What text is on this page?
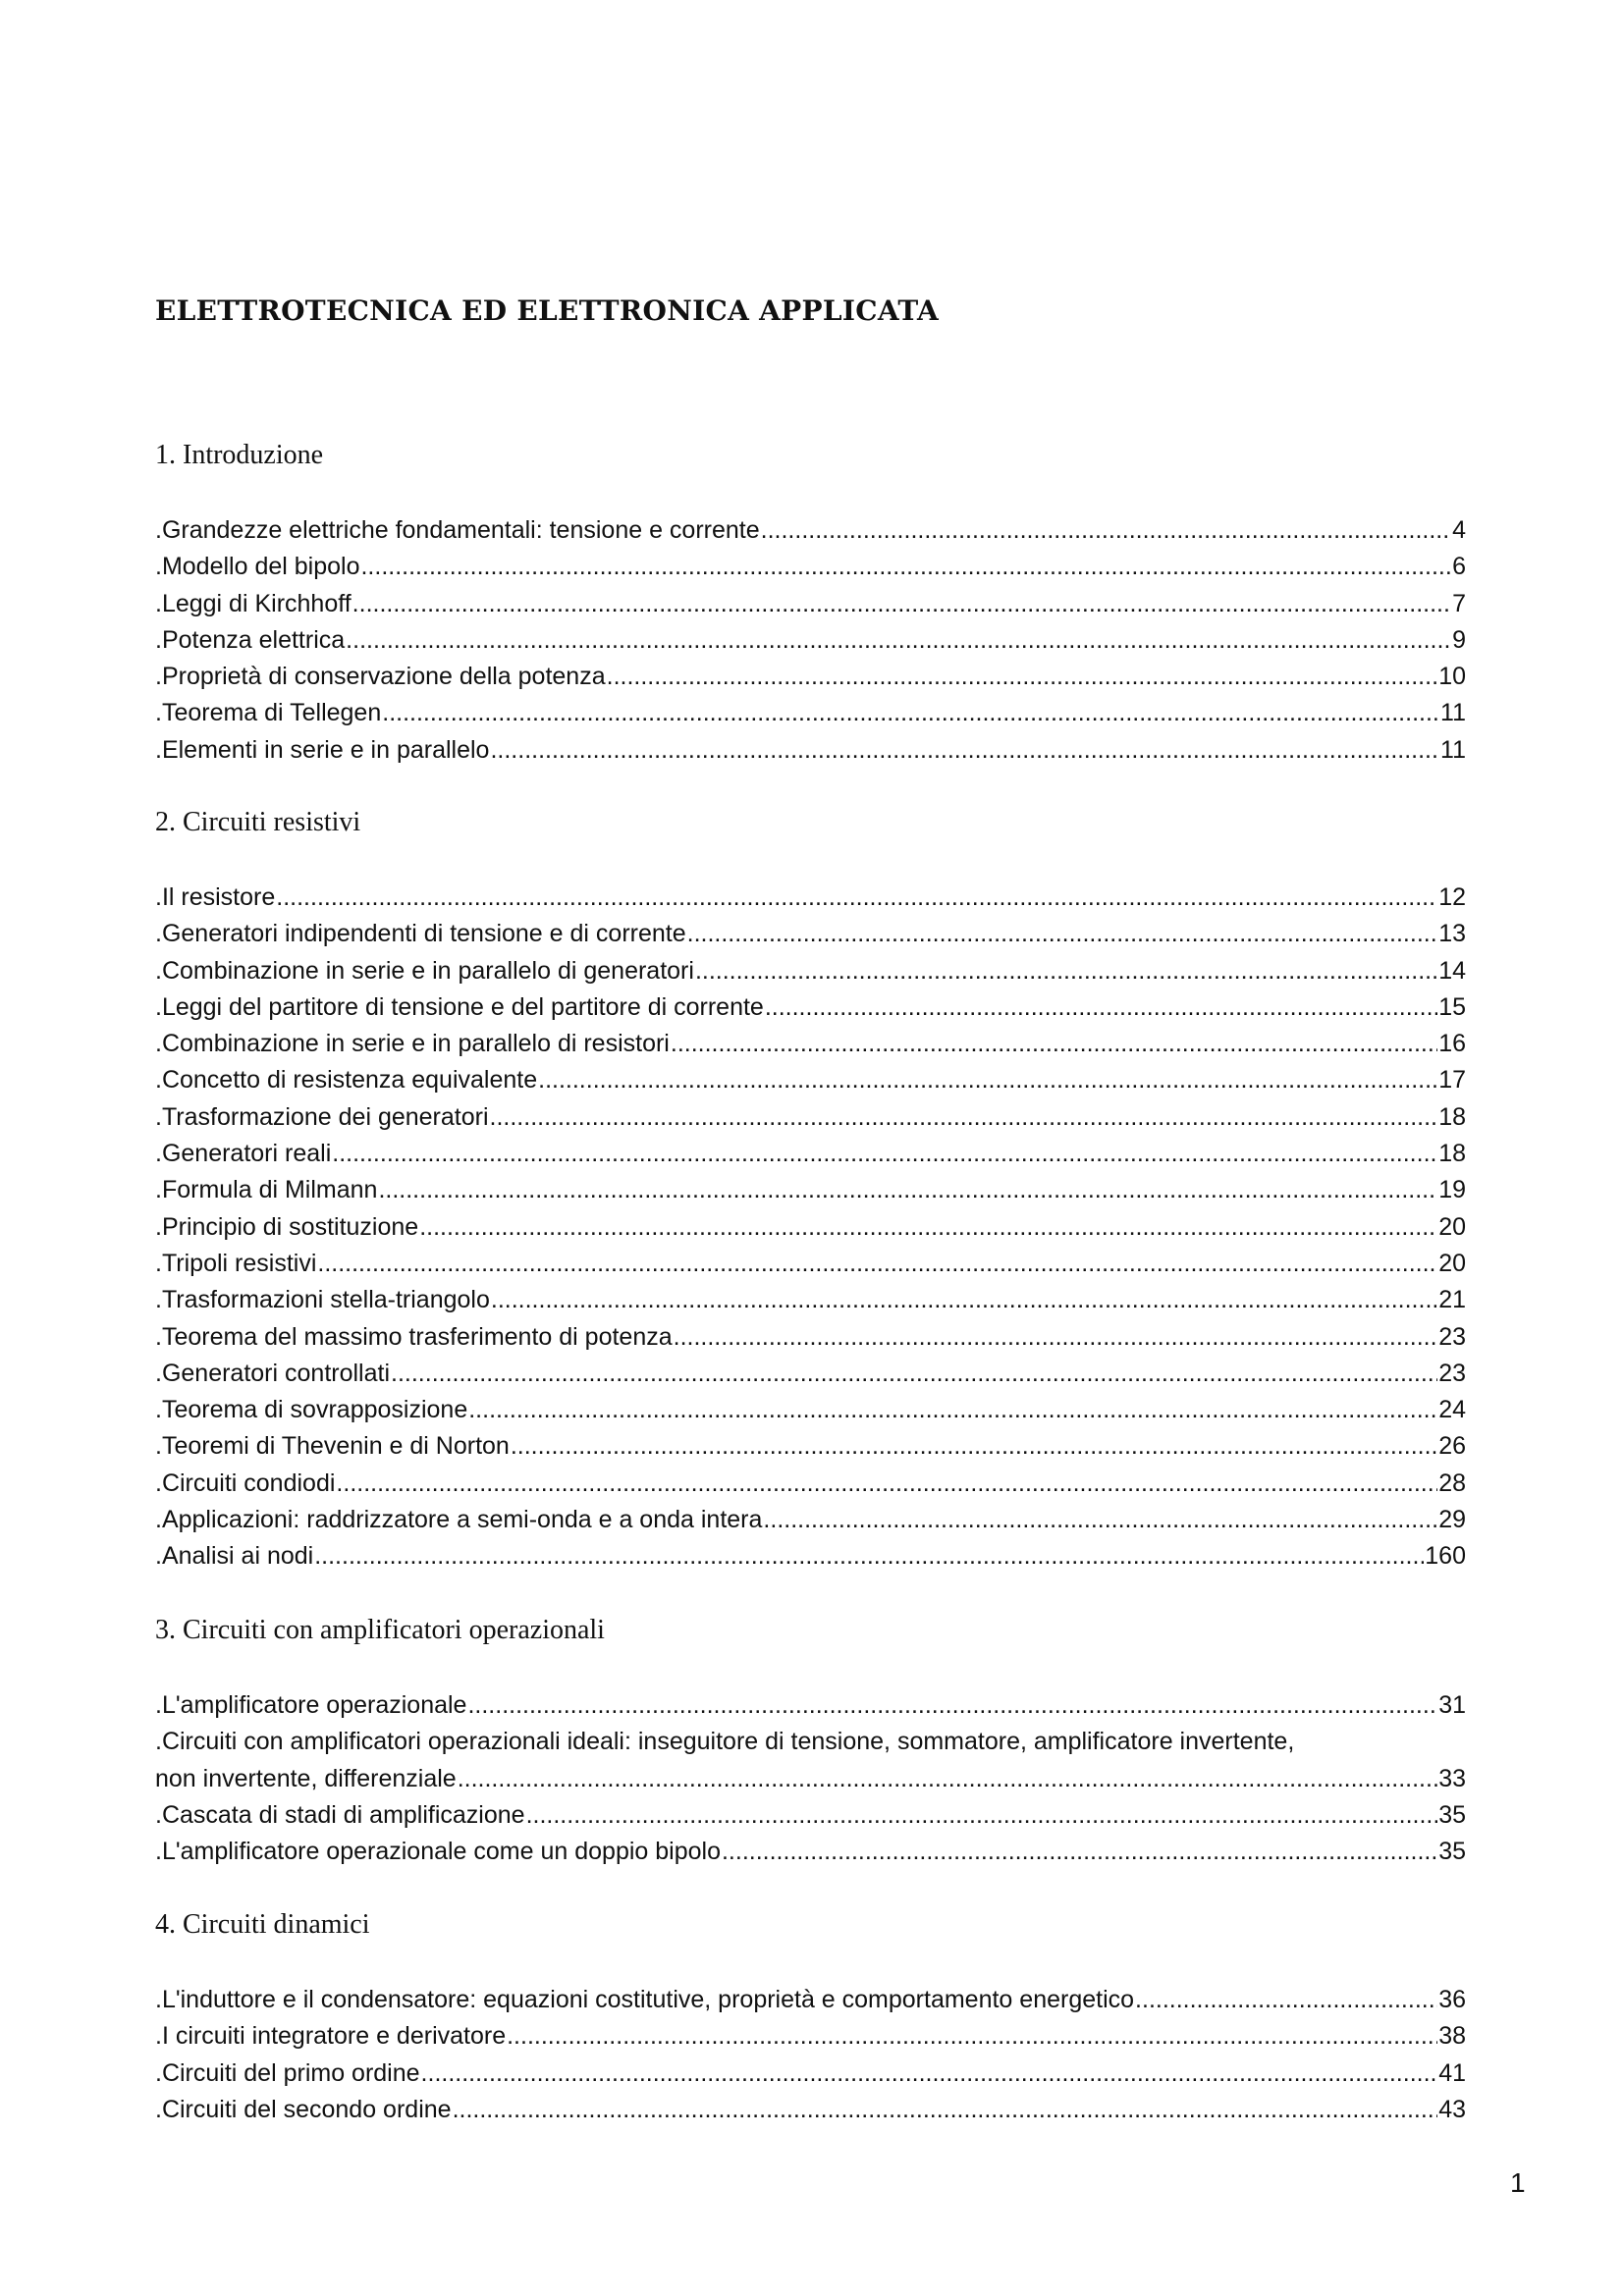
ELETTROTECNICA ED ELETTRONICA APPLICATA
1. Introduzione
.Grandezze elettriche fondamentali: tensione e corrente .....	4
.Modello del bipolo .....	6
.Leggi di Kirchhoff .....	7
.Potenza elettrica .....	9
.Proprietà di conservazione della potenza .....	10
.Teorema di Tellegen .....	11
.Elementi in serie e in parallelo .....	11
2. Circuiti resistivi
.Il resistore .....	12
.Generatori indipendenti di tensione e di corrente .....	13
.Combinazione in serie e in parallelo di generatori .....	14
.Leggi del partitore di tensione e del partitore di corrente .....	15
.Combinazione in serie e in parallelo di resistori .....	16
.Concetto di resistenza equivalente .....	17
.Trasformazione dei generatori .....	18
.Generatori reali .....	18
.Formula di Milmann .....	19
.Principio di sostituzione .....	20
.Tripoli resistivi .....	20
.Trasformazioni stella-triangolo .....	21
.Teorema del massimo trasferimento di potenza .....	23
.Generatori controllati .....	23
.Teorema di sovrapposizione .....	24
.Teoremi di Thevenin e di Norton .....	26
.Circuiti condiodi .....	28
.Applicazioni: raddrizzatore a semi-onda e a onda intera .....	29
.Analisi ai nodi .....	160
3. Circuiti con amplificatori operazionali
.L'amplificatore operazionale .....	31
.Circuiti con amplificatori operazionali ideali: inseguitore di tensione, sommatore, amplificatore invertente,
non invertente, differenziale .....	33
.Cascata di stadi di amplificazione .....	35
.L'amplificatore operazionale come un doppio bipolo .....	35
4. Circuiti dinamici
.L'induttore e il condensatore: equazioni costitutive, proprietà e comportamento energetico .....	36
.I circuiti integratore e derivatore .....	38
.Circuiti del primo ordine .....	41
.Circuiti del secondo ordine .....	43
1
